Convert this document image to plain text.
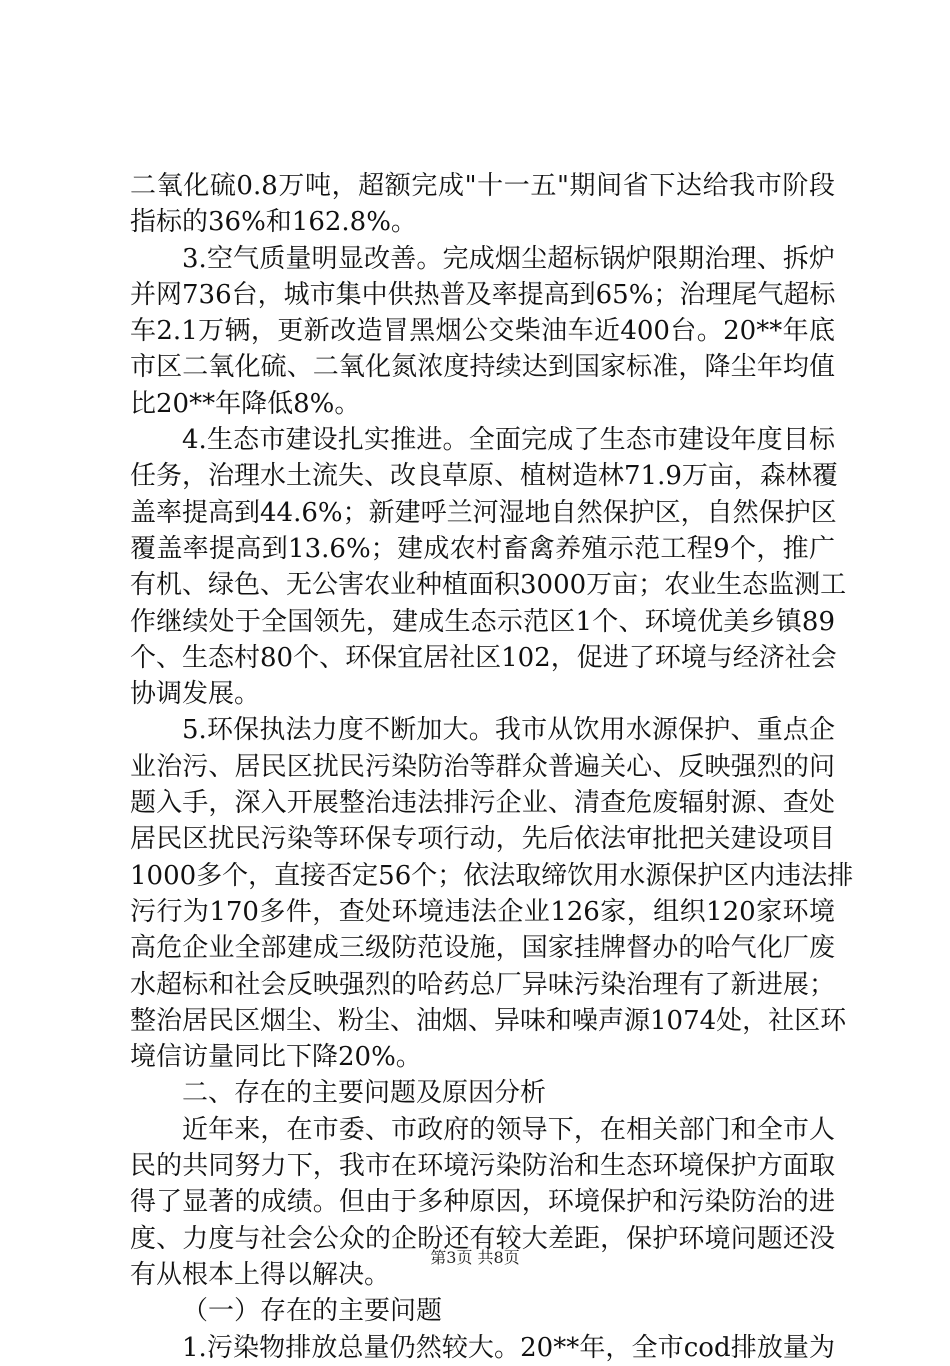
二氧化硫0.8万吨，超额完成"十一五"期间省下达给我市阶段
指标的36%和162.8%。
3.空气质量明显改善。完成烟尘超标锅炉限期治理、拆炉
并网736台，城市集中供热普及率提高到65%；治理尾气超标
车2.1万辆，更新改造冒黑烟公交柴油车近400台。20**年底
市区二氧化硫、二氧化氮浓度持续达到国家标准，降尘年均值
比20**年降低8%。
4.生态市建设扎实推进。全面完成了生态市建设年度目标
任务，治理水土流失、改良草原、植树造林71.9万亩，森林覆
盖率提高到44.6%；新建呼兰河湿地自然保护区，自然保护区
覆盖率提高到13.6%；建成农村畜禽养殖示范工程9个，推广
有机、绿色、无公害农业种植面积3000万亩；农业生态监测工
作继续处于全国领先，建成生态示范区1个、环境优美乡镇89
个、生态村80个、环保宜居社区102，促进了环境与经济社会
协调发展。
5.环保执法力度不断加大。我市从饮用水源保护、重点企
业治污、居民区扰民污染防治等群众普遍关心、反映强烈的问
题入手，深入开展整治违法排污企业、清查危废辐射源、查处
居民区扰民污染等环保专项行动，先后依法审批把关建设项目
1000多个，直接否定56个；依法取缔饮用水源保护区内违法排
污行为170多件，查处环境违法企业126家，组织120家环境
高危企业全部建成三级防范设施，国家挂牌督办的哈气化厂废
水超标和社会反映强烈的哈药总厂异味污染治理有了新进展；
整治居民区烟尘、粉尘、油烟、异味和噪声源1074处，社区环
境信访量同比下降20%。
二、存在的主要问题及原因分析
近年来，在市委、市政府的领导下，在相关部门和全市人
民的共同努力下，我市在环境污染防治和生态环境保护方面取
得了显著的成绩。但由于多种原因，环境保护和污染防治的进
度、力度与社会公众的企盼还有较大差距，保护环境问题还没
有从根本上得以解决。
（一）存在的主要问题
1.污染物排放总量仍然较大。20**年，全市cod排放量为
第3页 共8页
